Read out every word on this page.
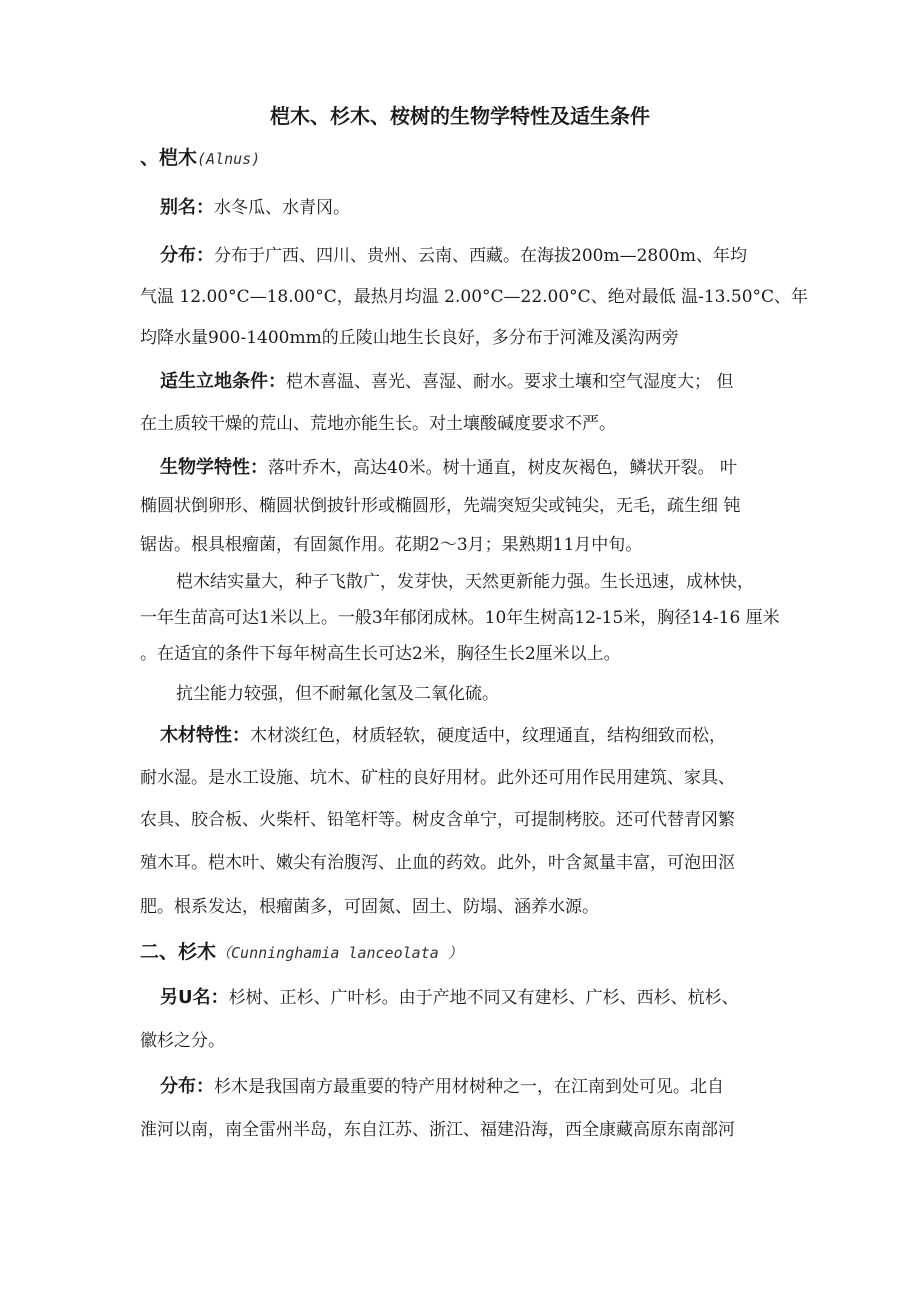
桤木、杉木、桉树的生物学特性及适生条件
、桤木(Alnus)
别名：水冬瓜、水青冈。
分布：分布于广西、四川、贵州、云南、西藏。在海拔200m—2800m、年均
气温 12.00°C—18.00°C，最热月均温 2.00°C—22.00°C、绝对最低 温-13.50°C、年
均降水量900-1400mm的丘陵山地生长良好，多分布于河滩及溪沟两旁
适生立地条件：桤木喜温、喜光、喜湿、耐水。要求土壤和空气湿度大； 但
在土质较干燥的荒山、荒地亦能生长。对土壤酸碱度要求不严。
生物学特性：落叶乔木，高达40米。树十通直，树皮灰褐色，鳞状开裂。 叶
椭圆状倒卵形、椭圆状倒披针形或椭圆形，先端突短尖或钝尖，无毛，疏生细 钝
锯齿。根具根瘤菌，有固氮作用。花期2～3月；果熟期11月中旬。
桤木结实量大，种子飞散广，发芽快，天然更新能力强。生长迅速，成林快，
一年生苗高可达1米以上。一般3年郁闭成林。10年生树高12-15米，胸径14-16 厘米
。在适宜的条件下每年树高生长可达2米，胸径生长2厘米以上。
抗尘能力较强，但不耐氟化氢及二氧化硫。
木材特性：木材淡红色，材质轻软，硬度适中，纹理通直，结构细致而松，
耐水湿。是水工设施、坑木、矿柱的良好用材。此外还可用作民用建筑、家具、
农具、胶合板、火柴杆、铅笔杆等。树皮含单宁，可提制栲胶。还可代替青冈繁
殖木耳。桤木叶、嫩尖有治腹泻、止血的药效。此外，叶含氮量丰富，可泡田沤
肥。根系发达，根瘤菌多，可固氮、固土、防塌、涵养水源。
二、杉木（Cunninghamia lanceolata ）
另U名：杉树、正杉、广叶杉。由于产地不同又有建杉、广杉、西杉、杭杉、
徽杉之分。
分布：杉木是我国南方最重要的特产用材树种之一，在江南到处可见。北自
淮河以南，南全雷州半岛，东自江苏、浙江、福建沿海，西全康藏高原东南部河
